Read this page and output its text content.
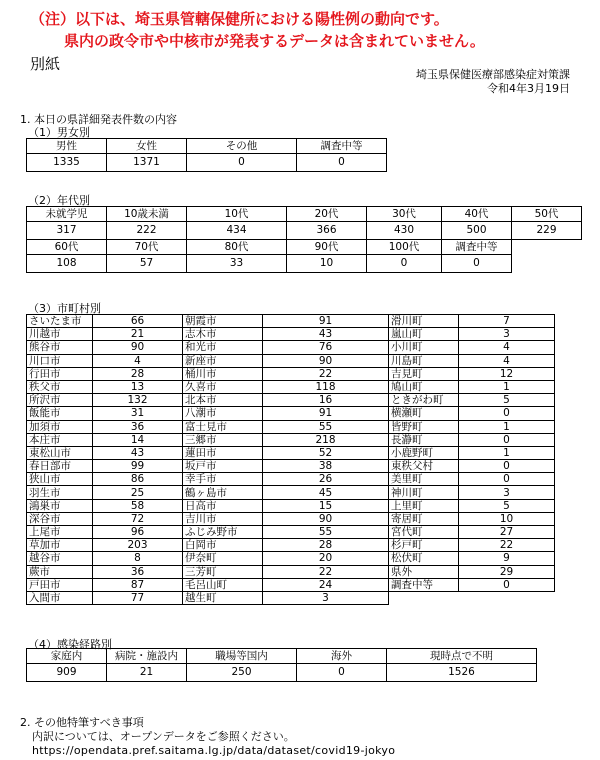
（注）以下は、埼玉県管轄保健所における陽性例の動向です。
県内の政令市や中核市が発表するデータは含まれていません。
別紙
埼玉県保健医療部感染症対策課
令和4年3月19日
1. 本日の県詳細発表件数の内容
（1）男女別
男性	女性	その他	調査中等
1335	1371	0	0
（2）年代別
未就学児	10歳未満	10代	20代	30代	40代	50代
317	222	434	366	430	500	229
60代	70代	80代	90代	100代	調査中等	
108	57	33	10	0	0	
（3）市町村別
さいたま市	66	朝霞市	91	滑川町	7
川越市	21	志木市	43	嵐山町	3
熊谷市	90	和光市	76	小川町	4
川口市	4	新座市	90	川島町	4
行田市	28	桶川市	22	吉見町	12
秩父市	13	久喜市	118	鳩山町	1
所沢市	132	北本市	16	ときがわ町	5
飯能市	31	八潮市	91	横瀬町	0
加須市	36	富士見市	55	皆野町	1
本庄市	14	三郷市	218	長瀞町	0
東松山市	43	蓮田市	52	小鹿野町	1
春日部市	99	坂戸市	38	東秩父村	0
狭山市	86	幸手市	26	美里町	0
羽生市	25	鶴ヶ島市	45	神川町	3
鴻巣市	58	日高市	15	上里町	5
深谷市	72	吉川市	90	寄居町	10
上尾市	96	ふじみ野市	55	宮代町	27
草加市	203	白岡市	28	杉戸町	22
越谷市	8	伊奈町	20	松伏町	9
蕨市	36	三芳町	22	県外	29
戸田市	87	毛呂山町	24	調査中等	0
入間市	77	越生町	3		
（4）感染経路別
家庭内	病院・施設内	職場等国内	海外	現時点で不明
909	21	250	0	1526
2. その他特筆すべき事項
内訳については、オープンデータをご参照ください。
https://opendata.pref.saitama.lg.jp/data/dataset/covid19-jokyo
